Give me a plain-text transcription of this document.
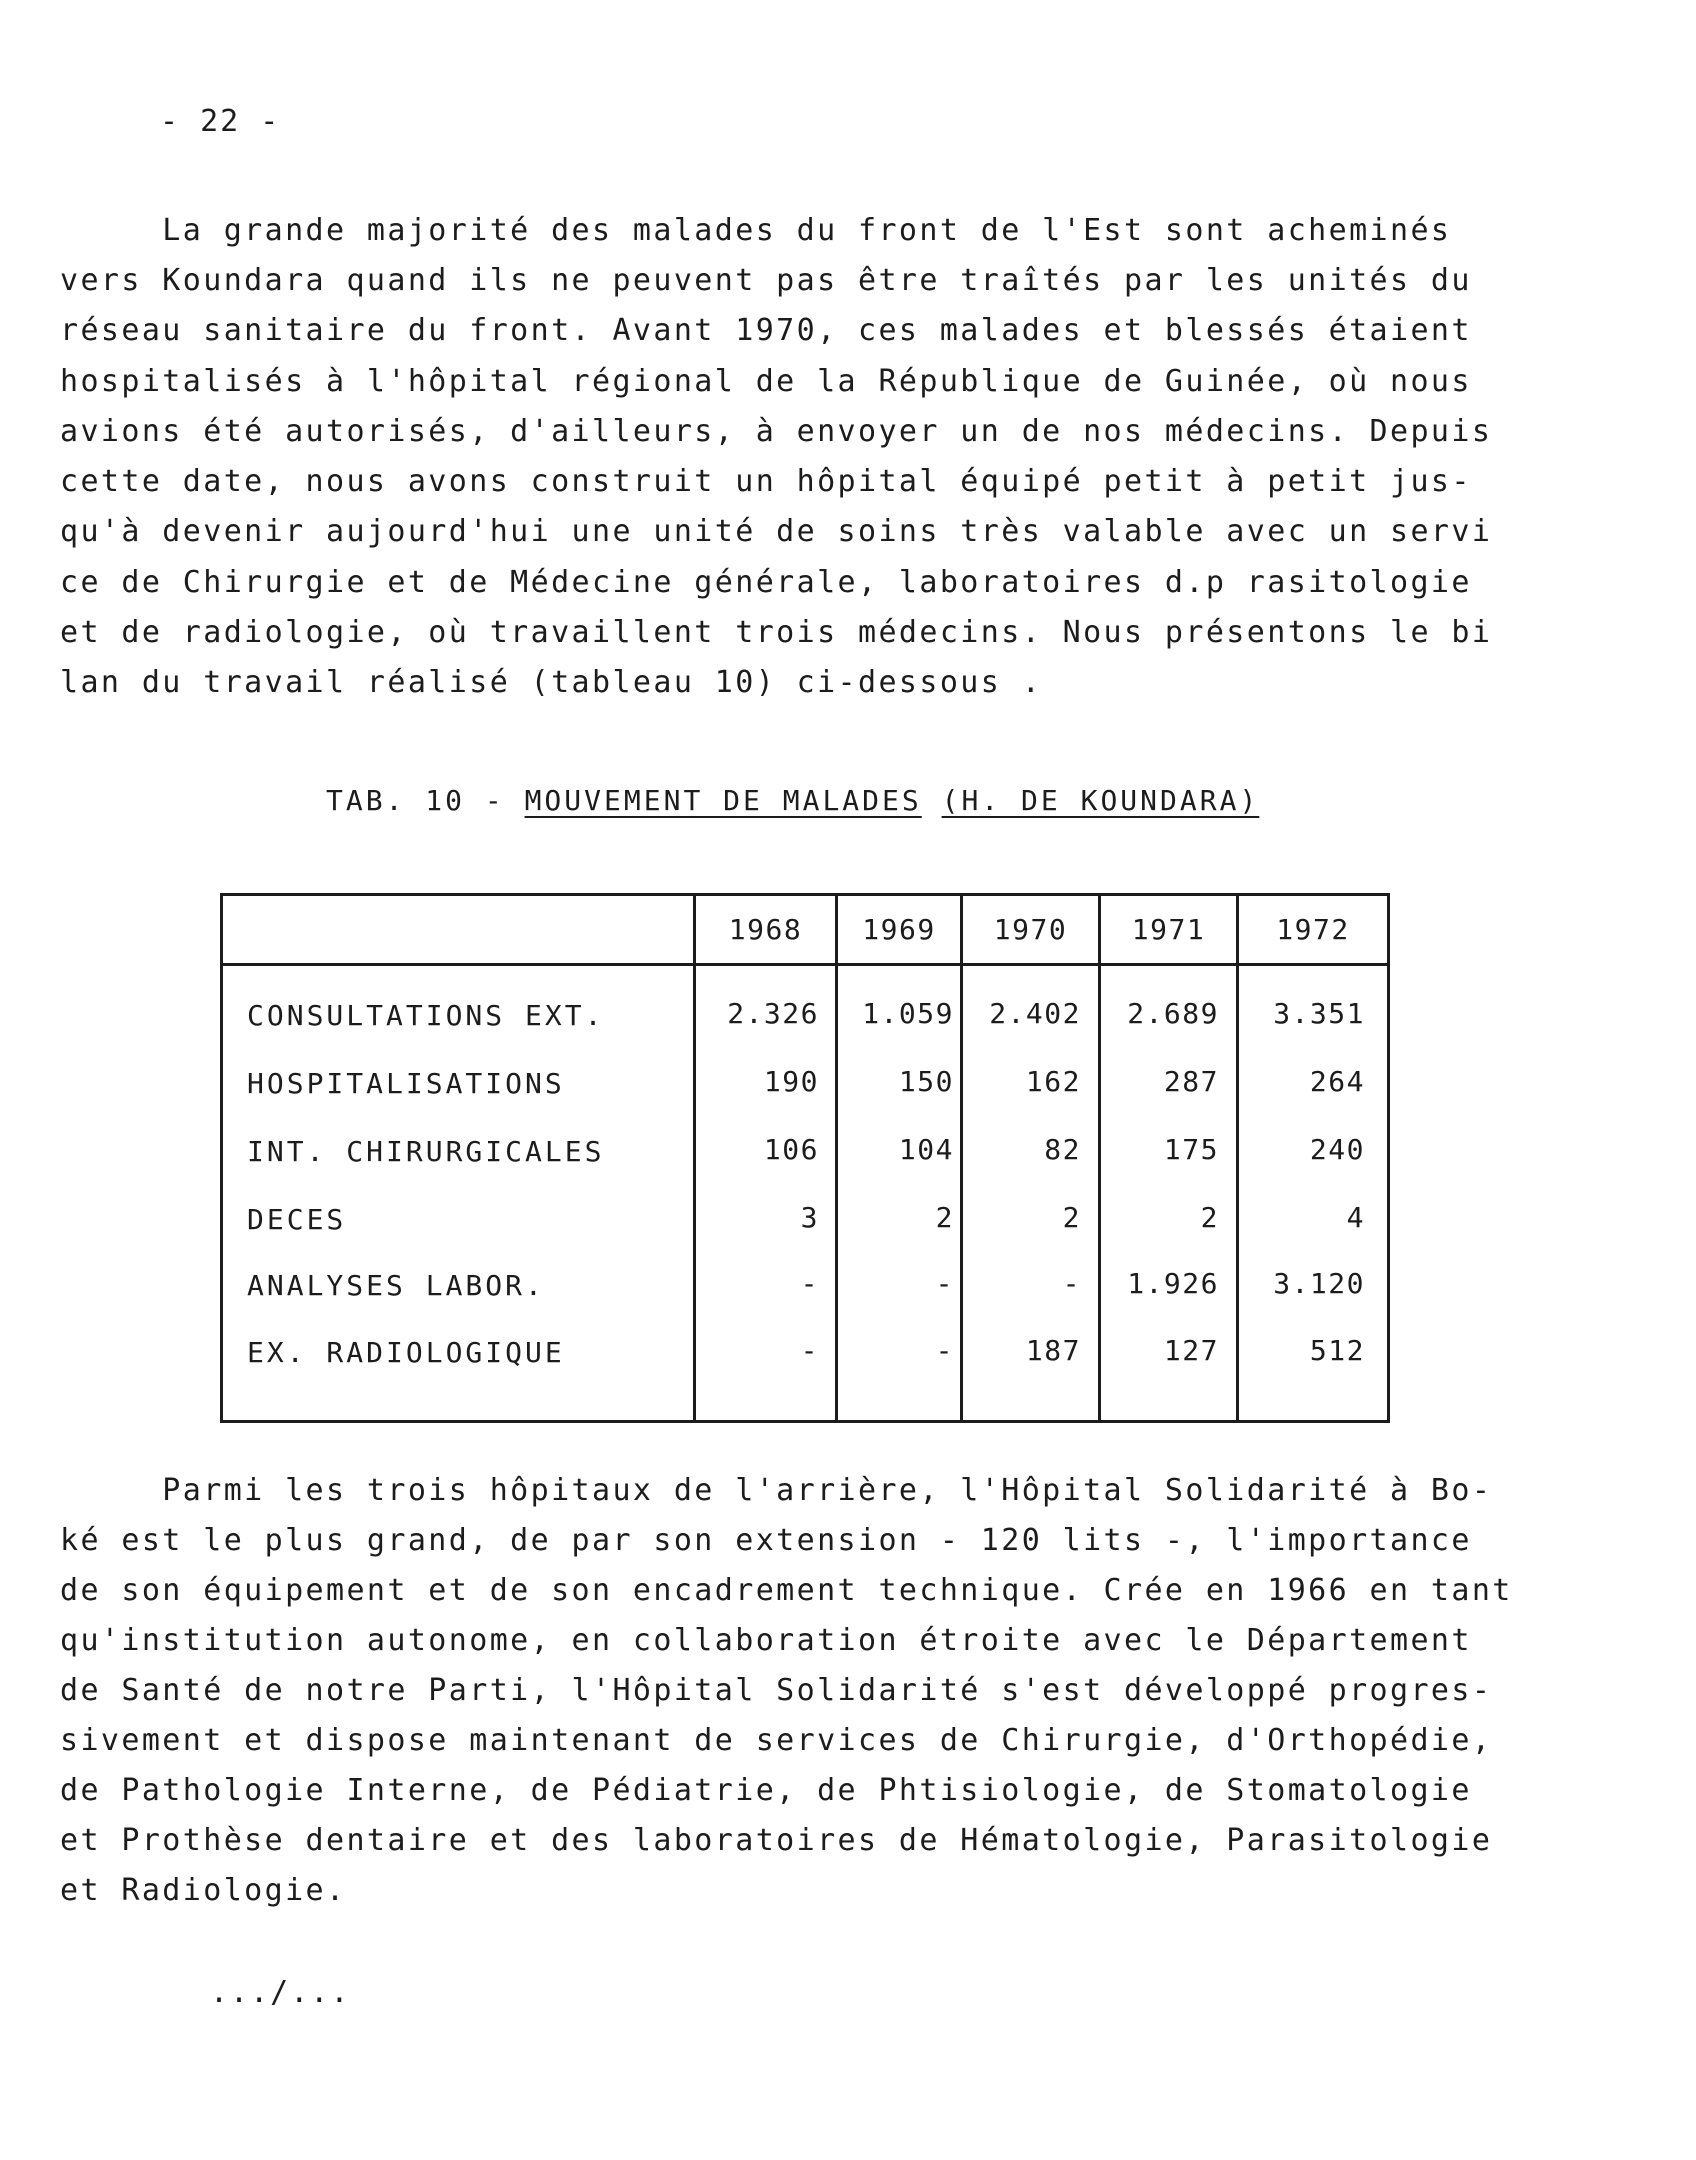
- 22 -
La grande majorité des malades du front de l'Est sont acheminés
vers Koundara quand ils ne peuvent pas être traîtés par les unités du
réseau sanitaire du front. Avant 1970, ces malades et blessés étaient
hospitalisés à l'hôpital régional de la République de Guinée, où nous
avions été autorisés, d'ailleurs, à envoyer un de nos médecins. Depuis
cette date, nous avons construit un hôpital équipé petit à petit jus-
qu'à devenir aujourd'hui une unité de soins très valable avec un servi
ce de Chirurgie et de Médecine générale, laboratoires d.p rasitologie
et de radiologie, où travaillent trois médecins. Nous présentons le bi
lan du travail réalisé (tableau 10) ci-dessous .
TAB. 10 - MOUVEMENT DE MALADES (H. DE KOUNDARA)
1968	1969	1970	1971	1972
CONSULTATIONS EXT.	2.326	1.059	2.402	2.689	3.351
HOSPITALISATIONS	190	150	162	287	264
INT. CHIRURGICALES	106	104	82	175	240
DECES	3	2	2	2	4
ANALYSES LABOR.	-	-	-	1.926	3.120
EX. RADIOLOGIQUE	-	-	187	127	512
Parmi les trois hôpitaux de l'arrière, l'Hôpital Solidarité à Bo-
ké est le plus grand, de par son extension - 120 lits -, l'importance
de son équipement et de son encadrement technique. Crée en 1966 en tant
qu'institution autonome, en collaboration étroite avec le Département
de Santé de notre Parti, l'Hôpital Solidarité s'est développé progres-
sivement et dispose maintenant de services de Chirurgie, d'Orthopédie,
de Pathologie Interne, de Pédiatrie, de Phtisiologie, de Stomatologie
et Prothèse dentaire et des laboratoires de Hématologie, Parasitologie
et Radiologie.
.../...
